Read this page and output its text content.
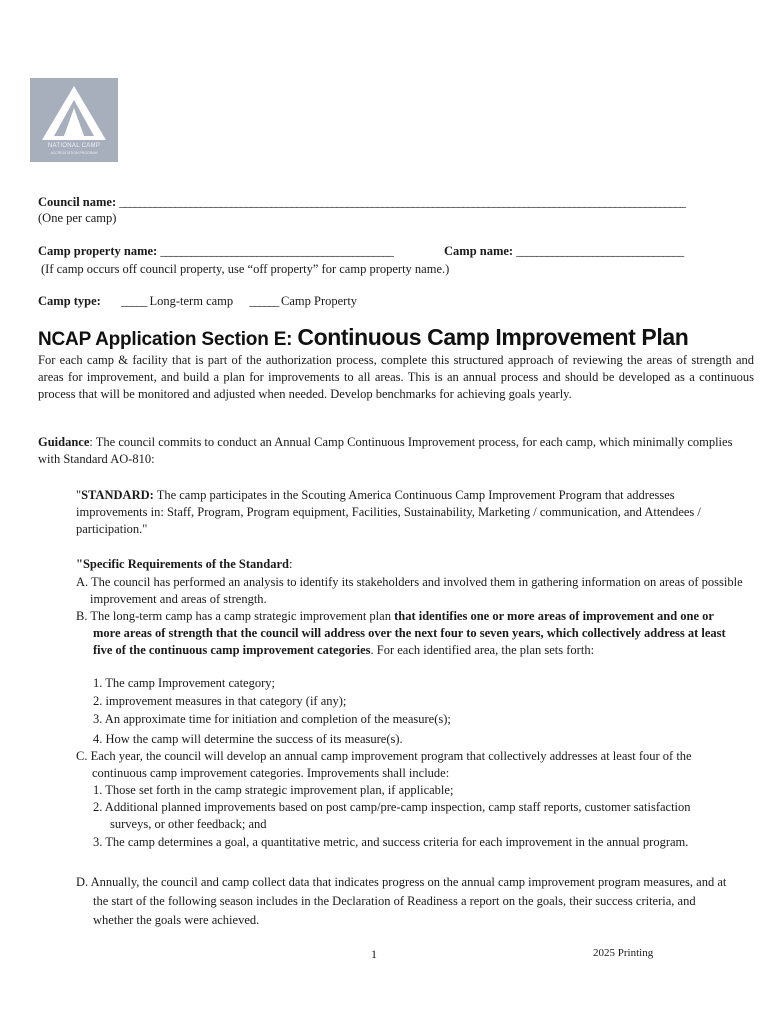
NATIONAL CAMP
ACCREDITATION PROGRAM
Council name: ________________________________________________________________________________________________________________
(One per camp)
Camp property name: ______________________________________________	Camp name: _________________________________
(If camp occurs off council property, use “off property” for camp property name.)
Camp type: _____ Long-term camp ______ Camp Property
NCAP Application Section E: Continuous Camp Improvement Plan
For each camp & facility that is part of the authorization process, complete this structured approach of reviewing the areas of strength and areas for improvement, and build a plan for improvements to all areas. This is an annual process and should be developed as a continuous process that will be monitored and adjusted when needed. Develop benchmarks for achieving goals yearly.
Guidance: The council commits to conduct an Annual Camp Continuous Improvement process, for each camp, which minimally complies with Standard AO-810:
"STANDARD: The camp participates in the Scouting America Continuous Camp Improvement Program that addresses improvements in: Staff, Program, Program equipment, Facilities, Sustainability, Marketing / communication, and Attendees / participation."
"Specific Requirements of the Standard:
A. The council has performed an analysis to identify its stakeholders and involved them in gathering information on areas of possible improvement and areas of strength.
B. The long-term camp has a camp strategic improvement plan that identifies one or more areas of improvement and one or more areas of strength that the council will address over the next four to seven years, which collectively address at least five of the continuous camp improvement categories. For each identified area, the plan sets forth:
1. The camp Improvement category;
2. improvement measures in that category (if any);
3. An approximate time for initiation and completion of the measure(s);
4. How the camp will determine the success of its measure(s).
C. Each year, the council will develop an annual camp improvement program that collectively addresses at least four of the continuous camp improvement categories. Improvements shall include:
1. Those set forth in the camp strategic improvement plan, if applicable;
2. Additional planned improvements based on post camp/pre-camp inspection, camp staff reports, customer satisfaction surveys, or other feedback; and
3. The camp determines a goal, a quantitative metric, and success criteria for each improvement in the annual program.
D. Annually, the council and camp collect data that indicates progress on the annual camp improvement program measures, and at the start of the following season includes in the Declaration of Readiness a report on the goals, their success criteria, and whether the goals were achieved.
1	2025 Printing
